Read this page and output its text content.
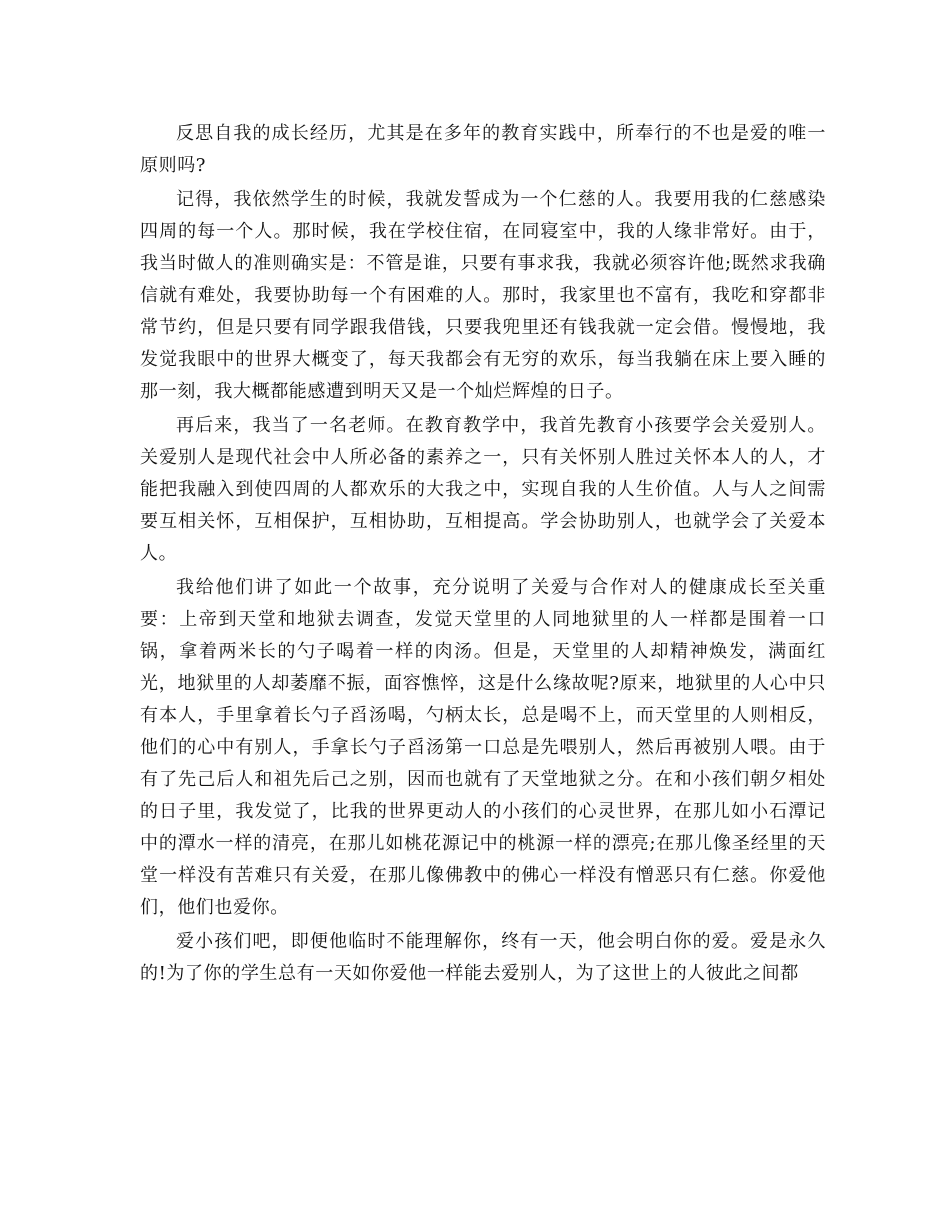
反思自我的成长经历，尤其是在多年的教育实践中，所奉行的不也是爱的唯一原则吗?

记得，我依然学生的时候，我就发誓成为一个仁慈的人。我要用我的仁慈感染四周的每一个人。那时候，我在学校住宿，在同寝室中，我的人缘非常好。由于，我当时做人的准则确实是：不管是谁，只要有事求我，我就必须容许他;既然求我确信就有难处，我要协助每一个有困难的人。那时，我家里也不富有，我吃和穿都非常节约，但是只要有同学跟我借钱，只要我兜里还有钱我就一定会借。慢慢地，我发觉我眼中的世界大概变了，每天我都会有无穷的欢乐，每当我躺在床上要入睡的那一刻，我大概都能感遭到明天又是一个灿烂辉煌的日子。

再后来，我当了一名老师。在教育教学中，我首先教育小孩要学会关爱别人。关爱别人是现代社会中人所必备的素养之一，只有关怀别人胜过关怀本人的人，才能把我融入到使四周的人都欢乐的大我之中，实现自我的人生价值。人与人之间需要互相关怀，互相保护，互相协助，互相提高。学会协助别人，也就学会了关爱本人。

我给他们讲了如此一个故事，充分说明了关爱与合作对人的健康成长至关重要：上帝到天堂和地狱去调查，发觉天堂里的人同地狱里的人一样都是围着一口锅，拿着两米长的勺子喝着一样的肉汤。但是，天堂里的人却精神焕发，满面红光，地狱里的人却萎靡不振，面容憔悴，这是什么缘故呢?原来，地狱里的人心中只有本人，手里拿着长勺子舀汤喝，勺柄太长，总是喝不上，而天堂里的人则相反，他们的心中有别人，手拿长勺子舀汤第一口总是先喂别人，然后再被别人喂。由于有了先己后人和祖先后己之别，因而也就有了天堂地狱之分。在和小孩们朝夕相处的日子里，我发觉了，比我的世界更动人的小孩们的心灵世界，在那儿如小石潭记中的潭水一样的清亮，在那儿如桃花源记中的桃源一样的漂亮;在那儿像圣经里的天堂一样没有苦难只有关爱，在那儿像佛教中的佛心一样没有憎恶只有仁慈。你爱他们，他们也爱你。

爱小孩们吧，即便他临时不能理解你，终有一天，他会明白你的爱。爱是永久的!为了你的学生总有一天如你爱他一样能去爱别人，为了这世上的人彼此之间都
